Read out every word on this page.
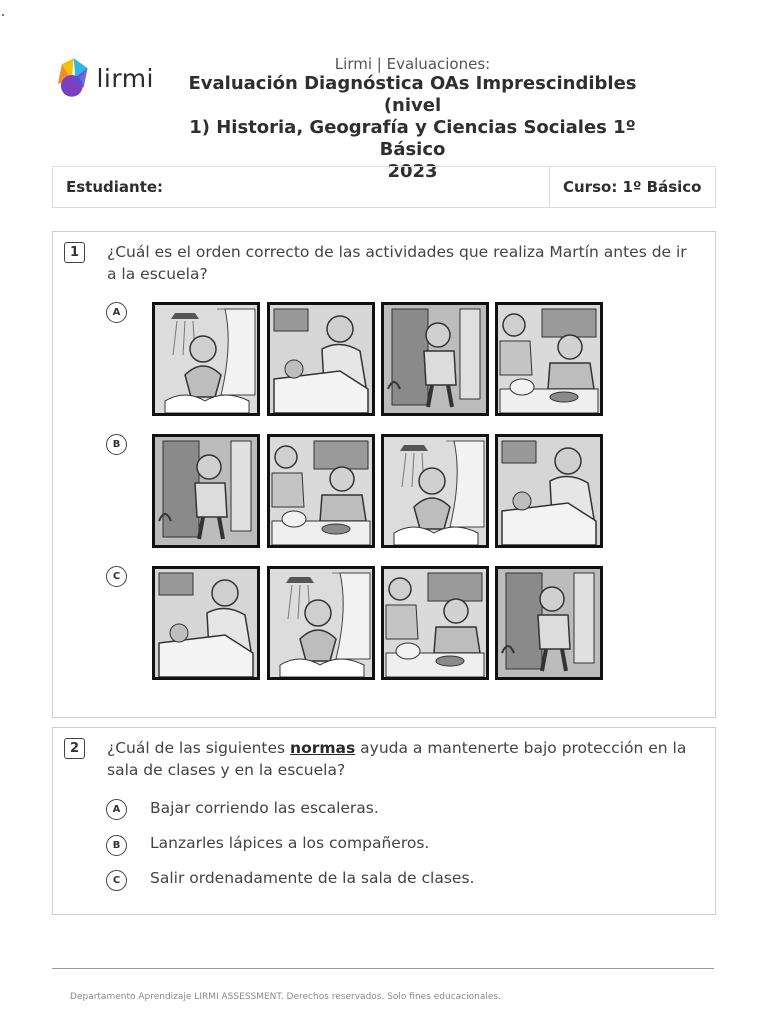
lirmi	Lirmi | Evaluaciones:
Evaluación Diagnóstica OAs Imprescindibles (nivel
1) Historia, Geografía y Ciencias Sociales 1º Básico
2023
Estudiante:	Curso: 1º Básico
1	¿Cuál es el orden correcto de las actividades que realiza Martín antes de ir a la escuela?
A
B
C
2	¿Cuál de las siguientes normas ayuda a mantenerte bajo protección en la sala de clases y en la escuela?
A	Bajar corriendo las escaleras.
B	Lanzarles lápices a los compañeros.
C	Salir ordenadamente de la sala de clases.
Departamento Aprendizaje LIRMI ASSESSMENT. Derechos reservados. Solo fines educacionales.
